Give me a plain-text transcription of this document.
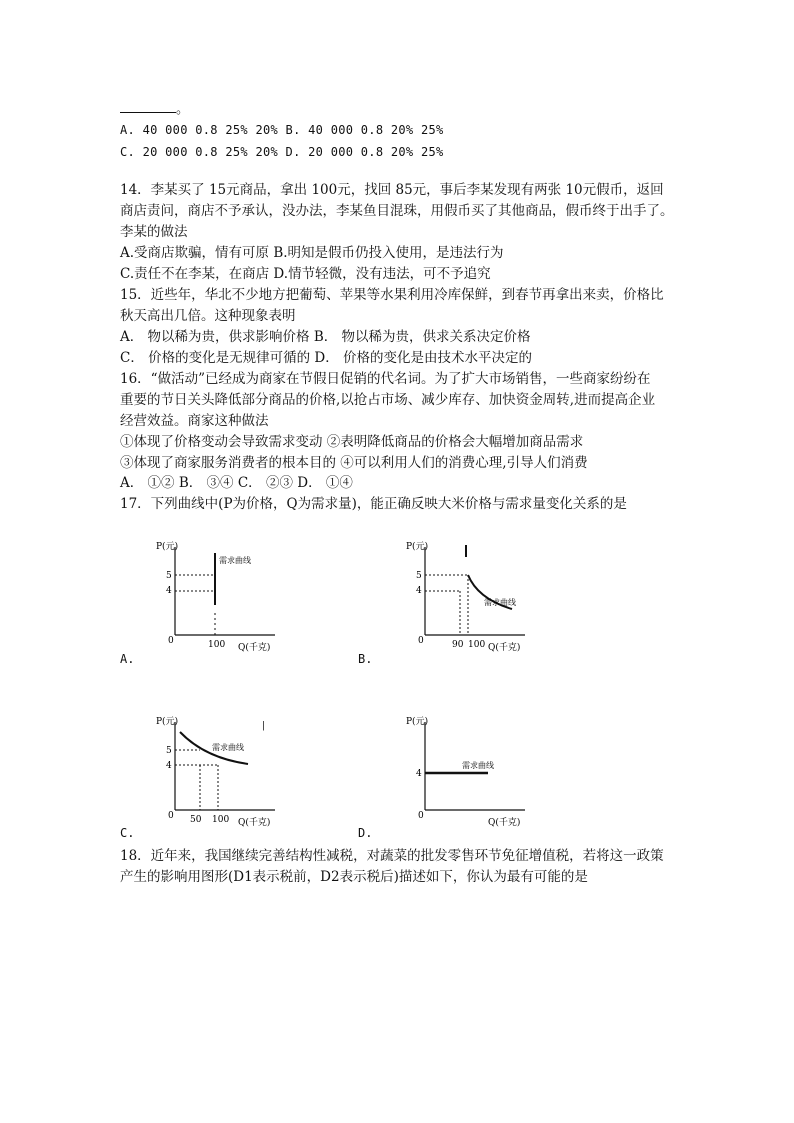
。
A. 40 000 0.8 25% 20% B. 40 000 0.8 20% 25%
C. 20 000 0.8 25% 20% D. 20 000 0.8 20% 25%
14．李某买了 15元商品，拿出 100元，找回 85元，事后李某发现有两张 10元假币，返回
商店责问，商店不予承认，没办法，李某鱼目混珠，用假币买了其他商品，假币终于出手了。
李某的做法
A.受商店欺骗，情有可原 B.明知是假币仍投入使用，是违法行为
C.责任不在李某，在商店 D.情节轻微，没有违法，可不予追究
15．近些年，华北不少地方把葡萄、苹果等水果利用冷库保鲜，到春节再拿出来卖，价格比
秋天高出几倍。这种现象表明
A． 物以稀为贵，供求影响价格 B． 物以稀为贵，供求关系决定价格
C． 价格的变化是无规律可循的 D． 价格的变化是由技术水平决定的
16．“做活动”已经成为商家在节假日促销的代名词。为了扩大市场销售，一些商家纷纷在
重要的节日关头降低部分商品的价格,以抢占市场、减少库存、加快资金周转,进而提高企业
经营效益。商家这种做法
①体现了价格变动会导致需求变动 ②表明降低商品的价格会大幅增加商品需求
③体现了商家服务消费者的根本目的 ④可以利用人们的消费心理,引导人们消费
A． ①② B． ③④ C． ②③ D． ①④
17．下列曲线中(P为价格，Q为需求量)，能正确反映大米价格与需求量变化关系的是
P(元)
Q(千克)
0
5
4
需求曲线
100
A.
P(元)
Q(千克)
0
5
4
需求曲线
90 100
B.
P(元)
Q(千克)
0
5
4
需求曲线
|
50 100
C.
P(元)
Q(千克)
0
4
需求曲线
D.
18．近年来，我国继续完善结构性减税，对蔬菜的批发零售环节免征增值税，若将这一政策
产生的影响用图形(D1表示税前，D2表示税后)描述如下，你认为最有可能的是
